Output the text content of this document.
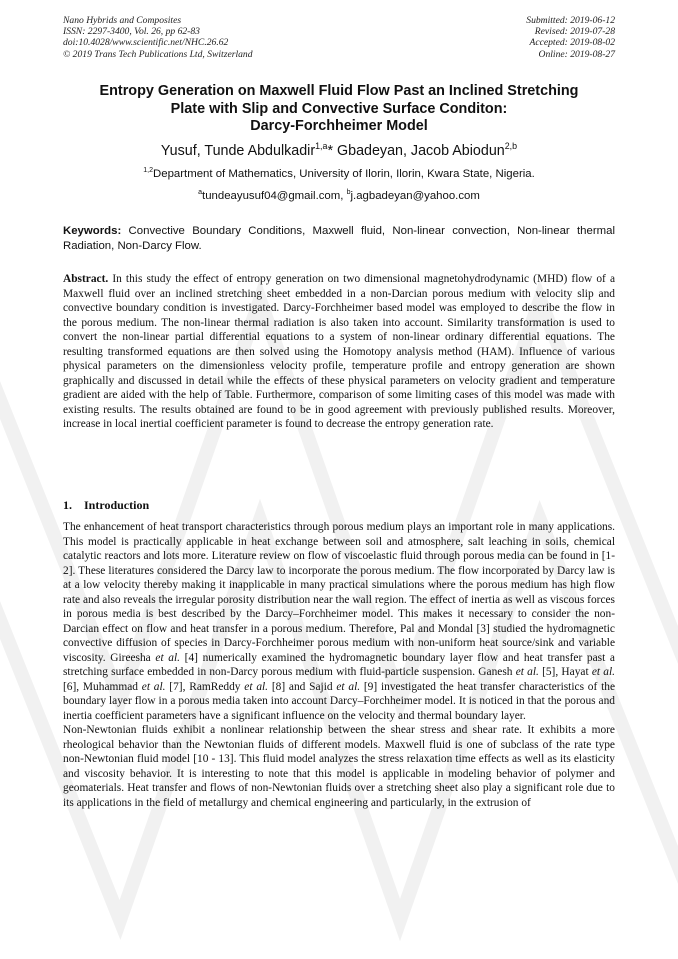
Nano Hybrids and Composites
ISSN: 2297-3400, Vol. 26, pp 62-83
doi:10.4028/www.scientific.net/NHC.26.62
© 2019 Trans Tech Publications Ltd, Switzerland
Submitted: 2019-06-12
Revised: 2019-07-28
Accepted: 2019-08-02
Online: 2019-08-27
Entropy Generation on Maxwell Fluid Flow Past an Inclined Stretching
Plate with Slip and Convective Surface Conditon:
Darcy-Forchheimer Model
Yusuf, Tunde Abdulkadir$^{1,a}$* Gbadeyan, Jacob Abiodun$^{2,b}$
$^{1,2}$Department of Mathematics, University of Ilorin, Ilorin, Kwara State, Nigeria.
$^a$tundeayusuf04@gmail.com, $^b$j.agbadeyan@yahoo.com
Keywords: Convective Boundary Conditions, Maxwell fluid, Non-linear convection, Non-linear thermal Radiation, Non-Darcy Flow.
Abstract. In this study the effect of entropy generation on two dimensional magnetohydrodynamic (MHD) flow of a Maxwell fluid over an inclined stretching sheet embedded in a non-Darcian porous medium with velocity slip and convective boundary condition is investigated. Darcy-Forchheimer based model was employed to describe the flow in the porous medium. The non-linear thermal radiation is also taken into account. Similarity transformation is used to convert the non-linear partial differential equations to a system of non-linear ordinary differential equations. The resulting transformed equations are then solved using the Homotopy analysis method (HAM). Influence of various physical parameters on the dimensionless velocity profile, temperature profile and entropy generation are shown graphically and discussed in detail while the effects of these physical parameters on velocity gradient and temperature gradient are aided with the help of Table. Furthermore, comparison of some limiting cases of this model was made with existing results. The results obtained are found to be in good agreement with previously published results. Moreover, increase in local inertial coefficient parameter is found to decrease the entropy generation rate.
1. Introduction

The enhancement of heat transport characteristics through porous medium plays an important role in many applications. This model is practically applicable in heat exchange between soil and atmosphere, salt leaching in soils, chemical catalytic reactors and lots more. Literature review on flow of viscoelastic fluid through porous media can be found in [1-2]. These literatures considered the Darcy law to incorporate the porous medium. The flow incorporated by Darcy law is at a low velocity thereby making it inapplicable in many practical simulations where the porous medium has high flow rate and also reveals the irregular porosity distribution near the wall region. The effect of inertia as well as viscous forces in porous media is best described by the Darcy–Forchheimer model. This makes it necessary to consider the non-Darcian effect on flow and heat transfer in a porous medium. Therefore, Pal and Mondal [3] studied the hydromagnetic convective diffusion of species in Darcy-Forchheimer porous medium with non-uniform heat source/sink and variable viscosity. Gireesha et al. [4] numerically examined the hydromagnetic boundary layer flow and heat transfer past a stretching surface embedded in non-Darcy porous medium with fluid-particle suspension. Ganesh et al. [5], Hayat et al. [6], Muhammad et al. [7], RamReddy et al. [8] and Sajid et al. [9] investigated the heat transfer characteristics of the boundary layer flow in a porous media taken into account Darcy–Forchheimer model. It is noticed in that the porous and inertia coefficient parameters have a significant influence on the velocity and thermal boundary layer.

Non-Newtonian fluids exhibit a nonlinear relationship between the shear stress and shear rate. It exhibits a more rheological behavior than the Newtonian fluids of different models. Maxwell fluid is one of subclass of the rate type non-Newtonian fluid model [10 - 13]. This fluid model analyzes the stress relaxation time effects as well as its elasticity and viscosity behavior. It is interesting to note that this model is applicable in modeling behavior of polymer and geomaterials. Heat transfer and flows of non-Newtonian fluids over a stretching sheet also play a significant role due to its applications in the field of metallurgy and chemical engineering and particularly, in the extrusion of
